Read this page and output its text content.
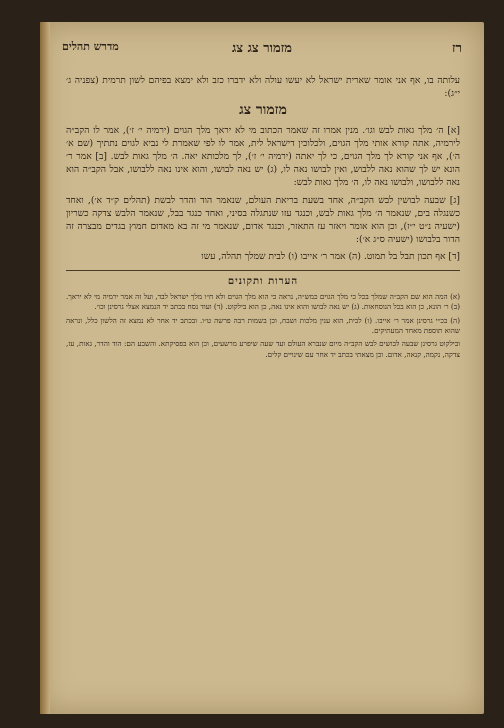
רז
מזמור צג צג
מדרש תהלים

עלותה בו, אף אני אומר שארית ישראל לא יעשו עולה ולא ידברו כזב ולא ימצא בפיהם לשון תרמית (צפניה ג׳ י״ג):

מזמור צג

[א] ה׳ מלך גאות לבש וגו׳. מנין אמרו זה שאמר הכתוב מי לא יראך מלך הגוים (ירמיה י׳ ז׳), אמר לו הקב״ה לירמיה, אתה קורא אותי מלך הגוים, ולכלוכין דישראל לית, אמר לו לפי שאמרת לי נביא לגוים נתתיך (שם א׳ ה׳), אף אני קורא לך מלך הגוים, כי לך יאתה (ירמיה י׳ ז׳), לך מלכותא יאה. ה׳ מלך גאות לבש. [ב] אמר ר׳ הונא יש לך שהוא נאה ללבוש, ואין לבושו נאה לו, (ג) יש נאה לבושו, והוא אינו נאה ללבושו, אבל הקב״ה הוא נאה ללבושו, ולבושו נאה לו, ה׳ מלך גאות לבש:

[ג] שבעה לבושין לבש הקב״ה, אחד בשעת בריאת העולם, שנאמר הוד והדר לבשת (תהלים ק״ד א׳), ואחד כשנגלה בים, שנאמר ה׳ מלך גאות לבש, וכנגד עזו שנתגלה בסיני, ואחד כנגד בבל, שנאמר הלבש צדקה כשריון (ישעיה נ״ט י״ז), וכן הוא אומר ויאזר עז התאזר, וכנגד אדום, שנאמר מי זה בא מאדום חמוץ בגדים מבצרה זה הדור בלבושו (ישעיה ס״ג א׳):

[ד] אף תכון תבל בל תמוט. (ה) אמר ר׳ אייבו (ו) לבית שמלך תהלה, עשו

הערות ותקונים

(א) המה הוא שם הקב״ה שמלך בכל כי מלך הגוים כמש״ה, נראה כי הוא מלך הגוים ולא ח״ו מלך ישראל לבד, ועל זה אמר ירמיה מי לא יראך. (ב) ר׳ הונא, כן הוא בכל הנוסחאות. (ג) יש נאה לבושו והוא אינו נאה, כן הוא בילקוט. (ד) ועוד נסח בכתב יד הנמצא אצלי גרסינן וכו׳.

(ה) בכ״י גרסינן אמר ר׳ אייבו. (ו) לבית, הוא ענין מלכות ושבח, וכן בשמות רבה פרשה ט״ו. ובכתב יד אחר לא נמצא זה הלשון כלל, ונראה שהוא תוספת מאחד המעתיקים.

ובילקוט גרסינן שבעה לבושים לבש הקב״ה מיום שנברא העולם ועד שעה שיפרע מרשעים, וכן הוא בפסיקתא. והשבע הם: הוד והדר, גאות, עז, צדקה, נקמה, קנאה, אדום. וכן מצאתי בכתב יד אחר עם שינויים קלים.
